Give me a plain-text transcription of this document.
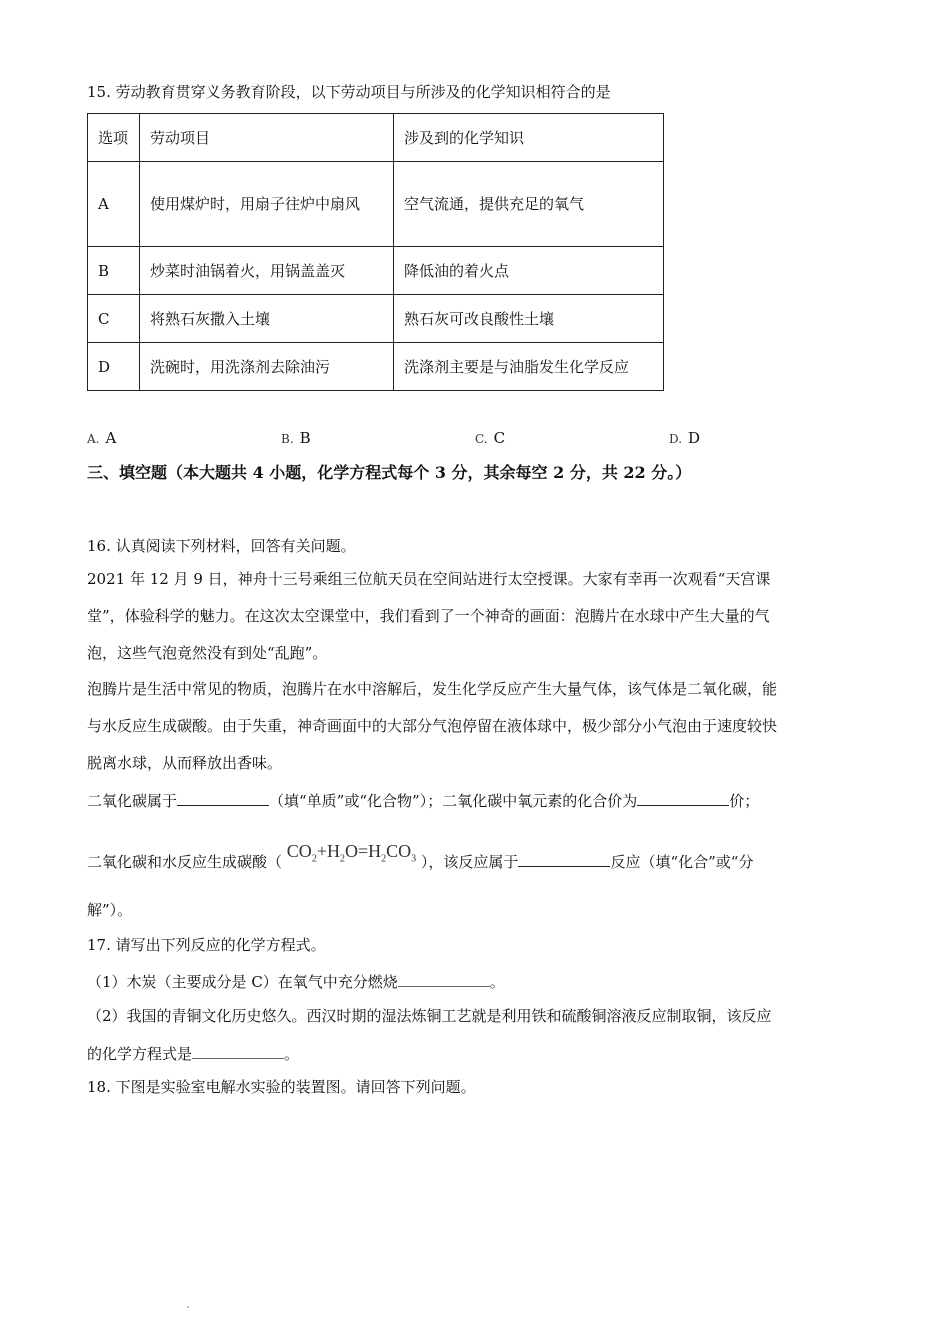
15. 劳动教育贯穿义务教育阶段，以下劳动项目与所涉及的化学知识相符合的是
选项	劳动项目	涉及到的化学知识
A	使用煤炉时，用扇子往炉中扇风	空气流通，提供充足的氧气
B	炒菜时油锅着火，用锅盖盖灭	降低油的着火点
C	将熟石灰撒入土壤	熟石灰可改良酸性土壤
D	洗碗时，用洗涤剂去除油污	洗涤剂主要是与油脂发生化学反应
A. A	B. B	C. C	D. D
三、填空题（本大题共 4 小题，化学方程式每个 3 分，其余每空 2 分，共 22 分。）
16. 认真阅读下列材料，回答有关问题。
2021 年 12 月 9 日，神舟十三号乘组三位航天员在空间站进行太空授课。大家有幸再一次观看“天宫课
堂”，体验科学的魅力。在这次太空课堂中，我们看到了一个神奇的画面：泡腾片在水球中产生大量的气
泡，这些气泡竟然没有到处“乱跑”。
泡腾片是生活中常见的物质，泡腾片在水中溶解后，发生化学反应产生大量气体，该气体是二氧化碳，能
与水反应生成碳酸。由于失重，神奇画面中的大部分气泡停留在液体球中，极少部分小气泡由于速度较快
脱离水球，从而释放出香味。
二氧化碳属于	（填“单质”或“化合物”）；二氧化碳中氧元素的化合价为	价；
二氧化碳和水反应生成碳酸（ $CO_2+H_2O=H_2CO_3$ ），该反应属于	反应（填“化合”或“分
解”）。
17. 请写出下列反应的化学方程式。
（1）木炭（主要成分是 C）在氧气中充分燃烧	。
（2）我国的青铜文化历史悠久。西汉时期的湿法炼铜工艺就是利用铁和硫酸铜溶液反应制取铜，该反应
的化学方程式是	。
18. 下图是实验室电解水实验的装置图。请回答下列问题。
